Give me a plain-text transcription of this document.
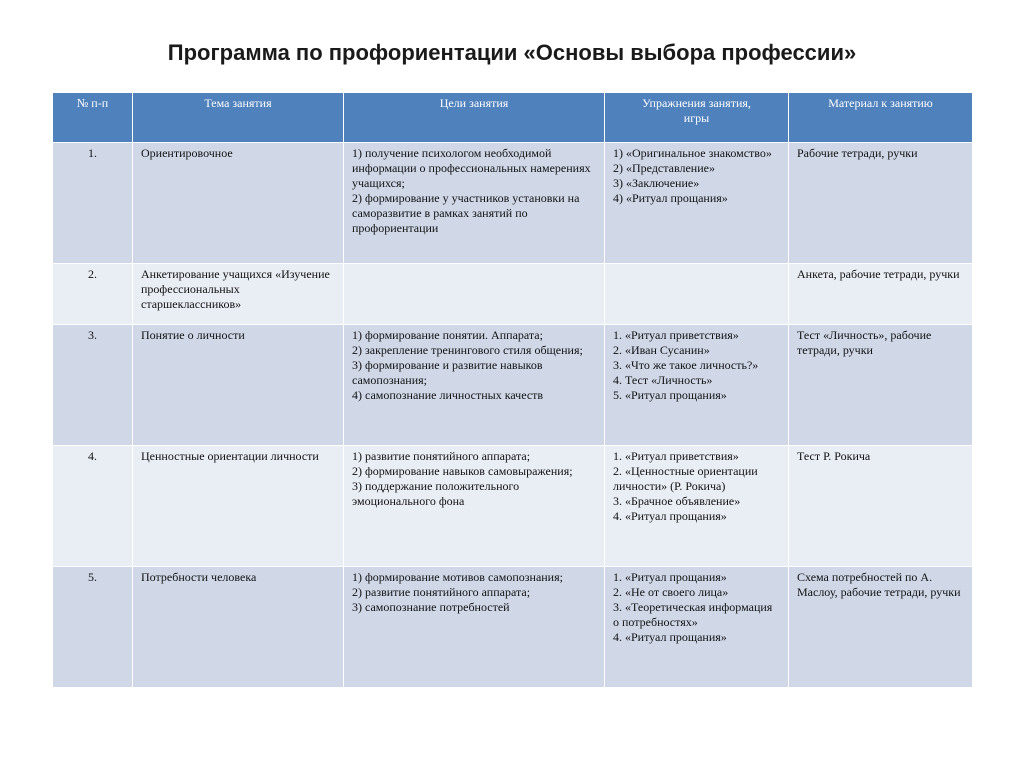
Программа по профориентации «Основы выбора профессии»
№ п-п	Тема занятия	Цели занятия	Упражнения занятия,
игры	Материал к занятию
1.	Ориентировочное	1) получение психологом необходимой информации о профессиональных намерениях учащихся;
2) формирование у участников установки на саморазвитие в рамках занятий по профориентации	1) «Оригинальное знакомство»
2) «Представление»
3) «Заключение»
4) «Ритуал прощания»	Рабочие тетради, ручки
2.	Анкетирование учащихся «Изучение профессиональных старшеклассников»			Анкета, рабочие тетради, ручки
3.	Понятие о личности	1) формирование понятии. Аппарата;
2) закрепление тренингового стиля общения;
3) формирование и развитие навыков самопознания;
4) самопознание личностных качеств	1. «Ритуал приветствия»
2. «Иван Сусанин»
3. «Что же такое личность?»
4. Тест «Личность»
5. «Ритуал прощания»	Тест «Личность», рабочие тетради, ручки
4.	Ценностные ориентации личности	1) развитие понятийного аппарата;
2) формирование навыков самовыражения;
3) поддержание положительного эмоционального фона	1. «Ритуал приветствия»
2. «Ценностные ориентации личности» (Р. Рокича)
3. «Брачное объявление»
4. «Ритуал прощания»	Тест Р. Рокича
5.	Потребности человека	1) формирование мотивов самопознания;
2) развитие понятийного аппарата;
3) самопознание потребностей	1. «Ритуал прощания»
2. «Не от своего лица»
3. «Теоретическая информация о потребностях»
4. «Ритуал прощания»	Схема потребностей по А. Маслоу, рабочие тетради, ручки
